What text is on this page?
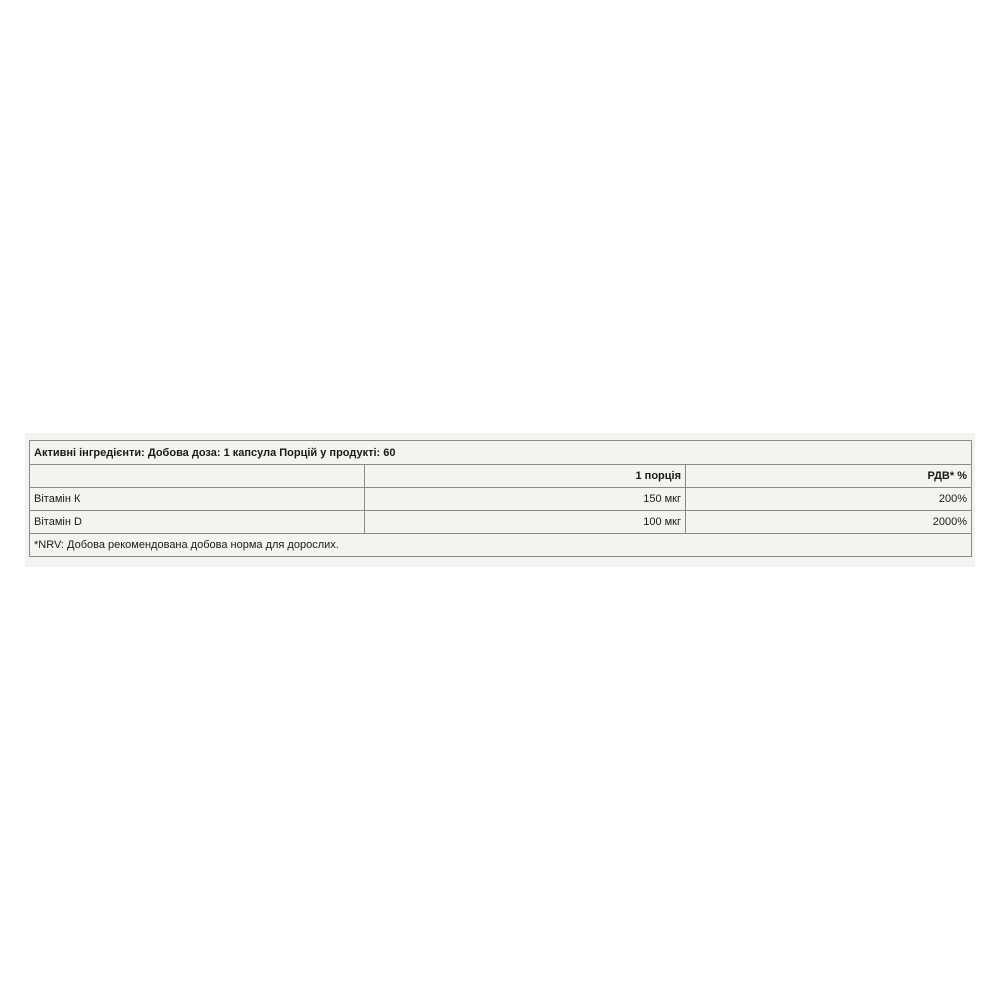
Активні інгредієнти: Добова доза: 1 капсула Порцій у продукті: 60		
	1 порція	РДВ* %
Вітамін К	150 мкг	200%
Вітамін D	100 мкг	2000%
*NRV: Добова рекомендована добова норма для дорослих.		
